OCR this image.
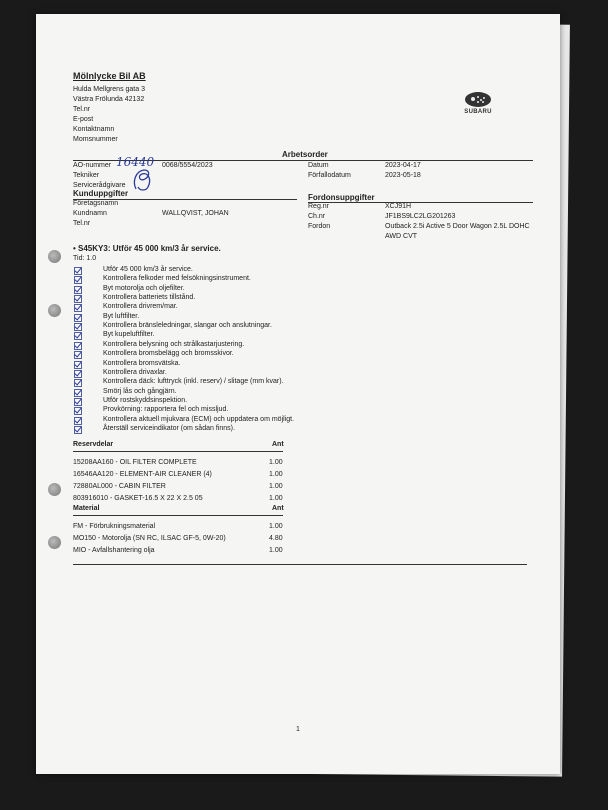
Mölnlycke Bil AB
Hulda Mellgrens gata 3
Västra Frölunda 42132
Tel.nr
E-post
Kontaktnamn
Momsnummer
SUBARU
Arbetsorder
AO-nummer 16440 0068/5554/2023
Tekniker
Servicerådgivare
Datum	2023-04-17
Förfallodatum	2023-05-18
Kunduppgifter
Företagsnamn
Kundnamn	WALLQVIST, JOHAN
Tel.nr
Fordonsuppgifter
Reg.nr	XCJ91H
Ch.nr	JF1BS9LC2LG201263
Fordon	Outback 2.5i Active 5 Door Wagon 2.5L DOHC
AWD CVT
• S45KY3: Utför 45 000 km/3 år service.
Tid: 1.0
Utför 45 000 km/3 år service.
Kontrollera felkoder med felsökningsinstrument.
Byt motorolja och oljefilter.
Kontrollera batteriets tillstånd.
Kontrollera drivrem/mar.
Byt luftfilter.
Kontrollera bränsleledningar, slangar och anslutningar.
Byt kupeluftfilter.
Kontrollera belysning och strålkastarjustering.
Kontrollera bromsbelägg och bromsskivor.
Kontrollera bromsvätska.
Kontrollera drivaxlar.
Kontrollera däck: lufttryck (inkl. reserv) / slitage (mm kvar).
Smörj lås och gångjärn.
Utför rostskyddsinspektion.
Provkörning: rapportera fel och missljud.
Kontrollera aktuell mjukvara (ECM) och uppdatera om möjligt.
Återställ serviceindikator (om sådan finns).
Reservdelar	Ant
15208AA160 - OIL FILTER COMPLETE	1.00
16546AA120 - ELEMENT-AIR CLEANER (4)	1.00
72880AL000 - CABIN FILTER	1.00
803916010 - GASKET-16.5 X 22 X 2.5 05	1.00
Material	Ant
FM - Förbrukningsmaterial	1.00
MO150 - Motorolja (SN RC, ILSAC GF-5, 0W-20)	4.80
MIO - Avfallshantering olja	1.00
1
